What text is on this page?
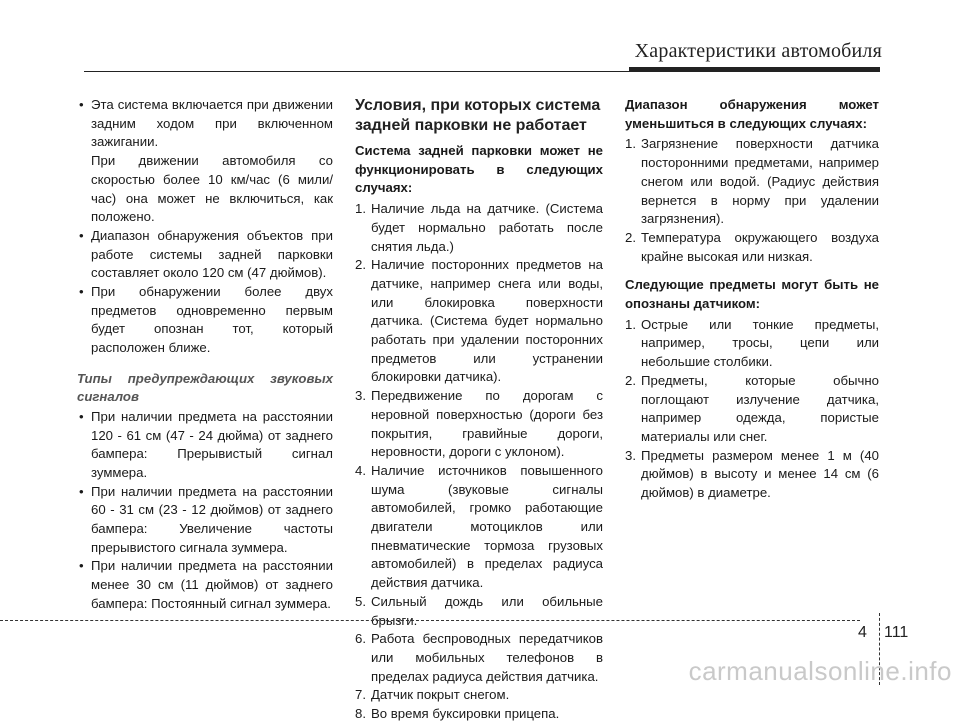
Характеристики автомобиля

• Эта система включается при движении задним ходом при включенном зажигании.

При движении автомобиля со скоростью более 10 км/час (6 мили/час) она может не включиться, как положено.

• Диапазон обнаружения объектов при работе системы задней парковки составляет около 120 см (47 дюймов).

• При обнаружении более двух предметов одновременно первым будет опознан тот, который расположен ближе.

Типы предупреждающих звуковых сигналов

• При наличии предмета на расстоянии 120 - 61 см (47 - 24 дюйма) от заднего бампера: Прерывистый сигнал зуммера.

• При наличии предмета на расстоянии 60 - 31 см (23 - 12 дюймов) от заднего бампера: Увеличение частоты прерывистого сигнала зуммера.

• При наличии предмета на расстоянии менее 30 см (11 дюймов) от заднего бампера: Постоянный сигнал зуммера.

Условия, при которых система задней парковки не работает

Система задней парковки может не функционировать в следующих случаях:

1. Наличие льда на датчике. (Система будет нормально работать после снятия льда.)

2. Наличие посторонних предметов на датчике, например снега или воды, или блокировка поверхности датчика. (Система будет нормально работать при удалении посторонних предметов или устранении блокировки датчика).

3. Передвижение по дорогам с неровной поверхностью (дороги без покрытия, гравийные дороги, неровности, дороги с уклоном).

4. Наличие источников повышенного шума (звуковые сигналы автомобилей, громко работающие двигатели мотоциклов или пневматические тормоза грузовых автомобилей) в пределах радиуса действия датчика.

5. Сильный дождь или обильные брызги.

6. Работа беспроводных передатчиков или мобильных телефонов в пределах радиуса действия датчика.

7. Датчик покрыт снегом.

8. Во время буксировки прицепа.

Диапазон обнаружения может уменьшиться в следующих случаях:

1. Загрязнение поверхности датчика посторонними предметами, например снегом или водой. (Радиус действия вернется в норму при удалении загрязнения).

2. Температура окружающего воздуха крайне высокая или низкая.

Следующие предметы могут быть не опознаны датчиком:

1. Острые или тонкие предметы, например, тросы, цепи или небольшие столбики.

2. Предметы, которые обычно поглощают излучение датчика, например одежда, пористые материалы или снег.

3. Предметы размером менее 1 м (40 дюймов) в высоту и менее 14 см (6 дюймов) в диаметре.

4 111
carmanualsonline.info
